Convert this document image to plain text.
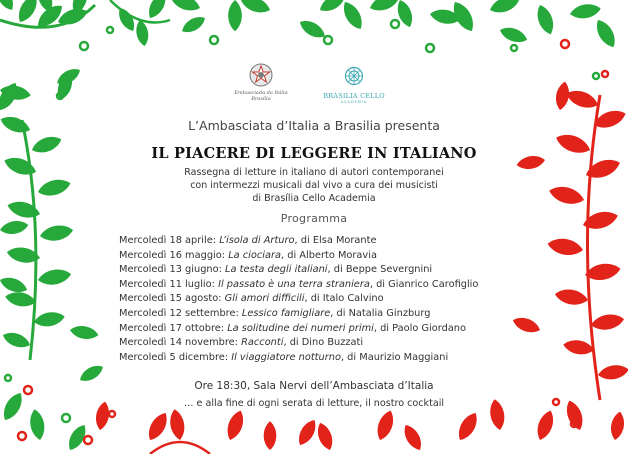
Embasciada da Itália
Brasília	BRASILIA CELLO
ACADEMIA
L’Ambasciata d’Italia a Brasilia presenta
IL PIACERE DI LEGGERE IN ITALIANO
Rassegna di letture in italiano di autori contemporanei
con intermezzi musicali dal vivo a cura dei musicisti
di Brasília Cello Academia
Programma
Mercoledì 18 aprile: L’isola di Arturo, di Elsa Morante
Mercoledì 16 maggio: La ciociara, di Alberto Moravia
Mercoledì 13 giugno: La testa degli italiani, di Beppe Severgnini
Mercoledì 11 luglio: Il passato è una terra straniera, di Gianrico Carofiglio
Mercoledì 15 agosto: Gli amori difficili, di Italo Calvino
Mercoledì 12 settembre: Lessico famigliare, di Natalia Ginzburg
Mercoledì 17 ottobre: La solitudine dei numeri primi, di Paolo Giordano
Mercoledì 14 novembre: Racconti, di Dino Buzzati
Mercoledì 5 dicembre: Il viaggiatore notturno, di Maurizio Maggiani
Ore 18:30, Sala Nervi dell’Ambasciata d’Italia
… e alla fine di ogni serata di letture, il nostro cocktail
